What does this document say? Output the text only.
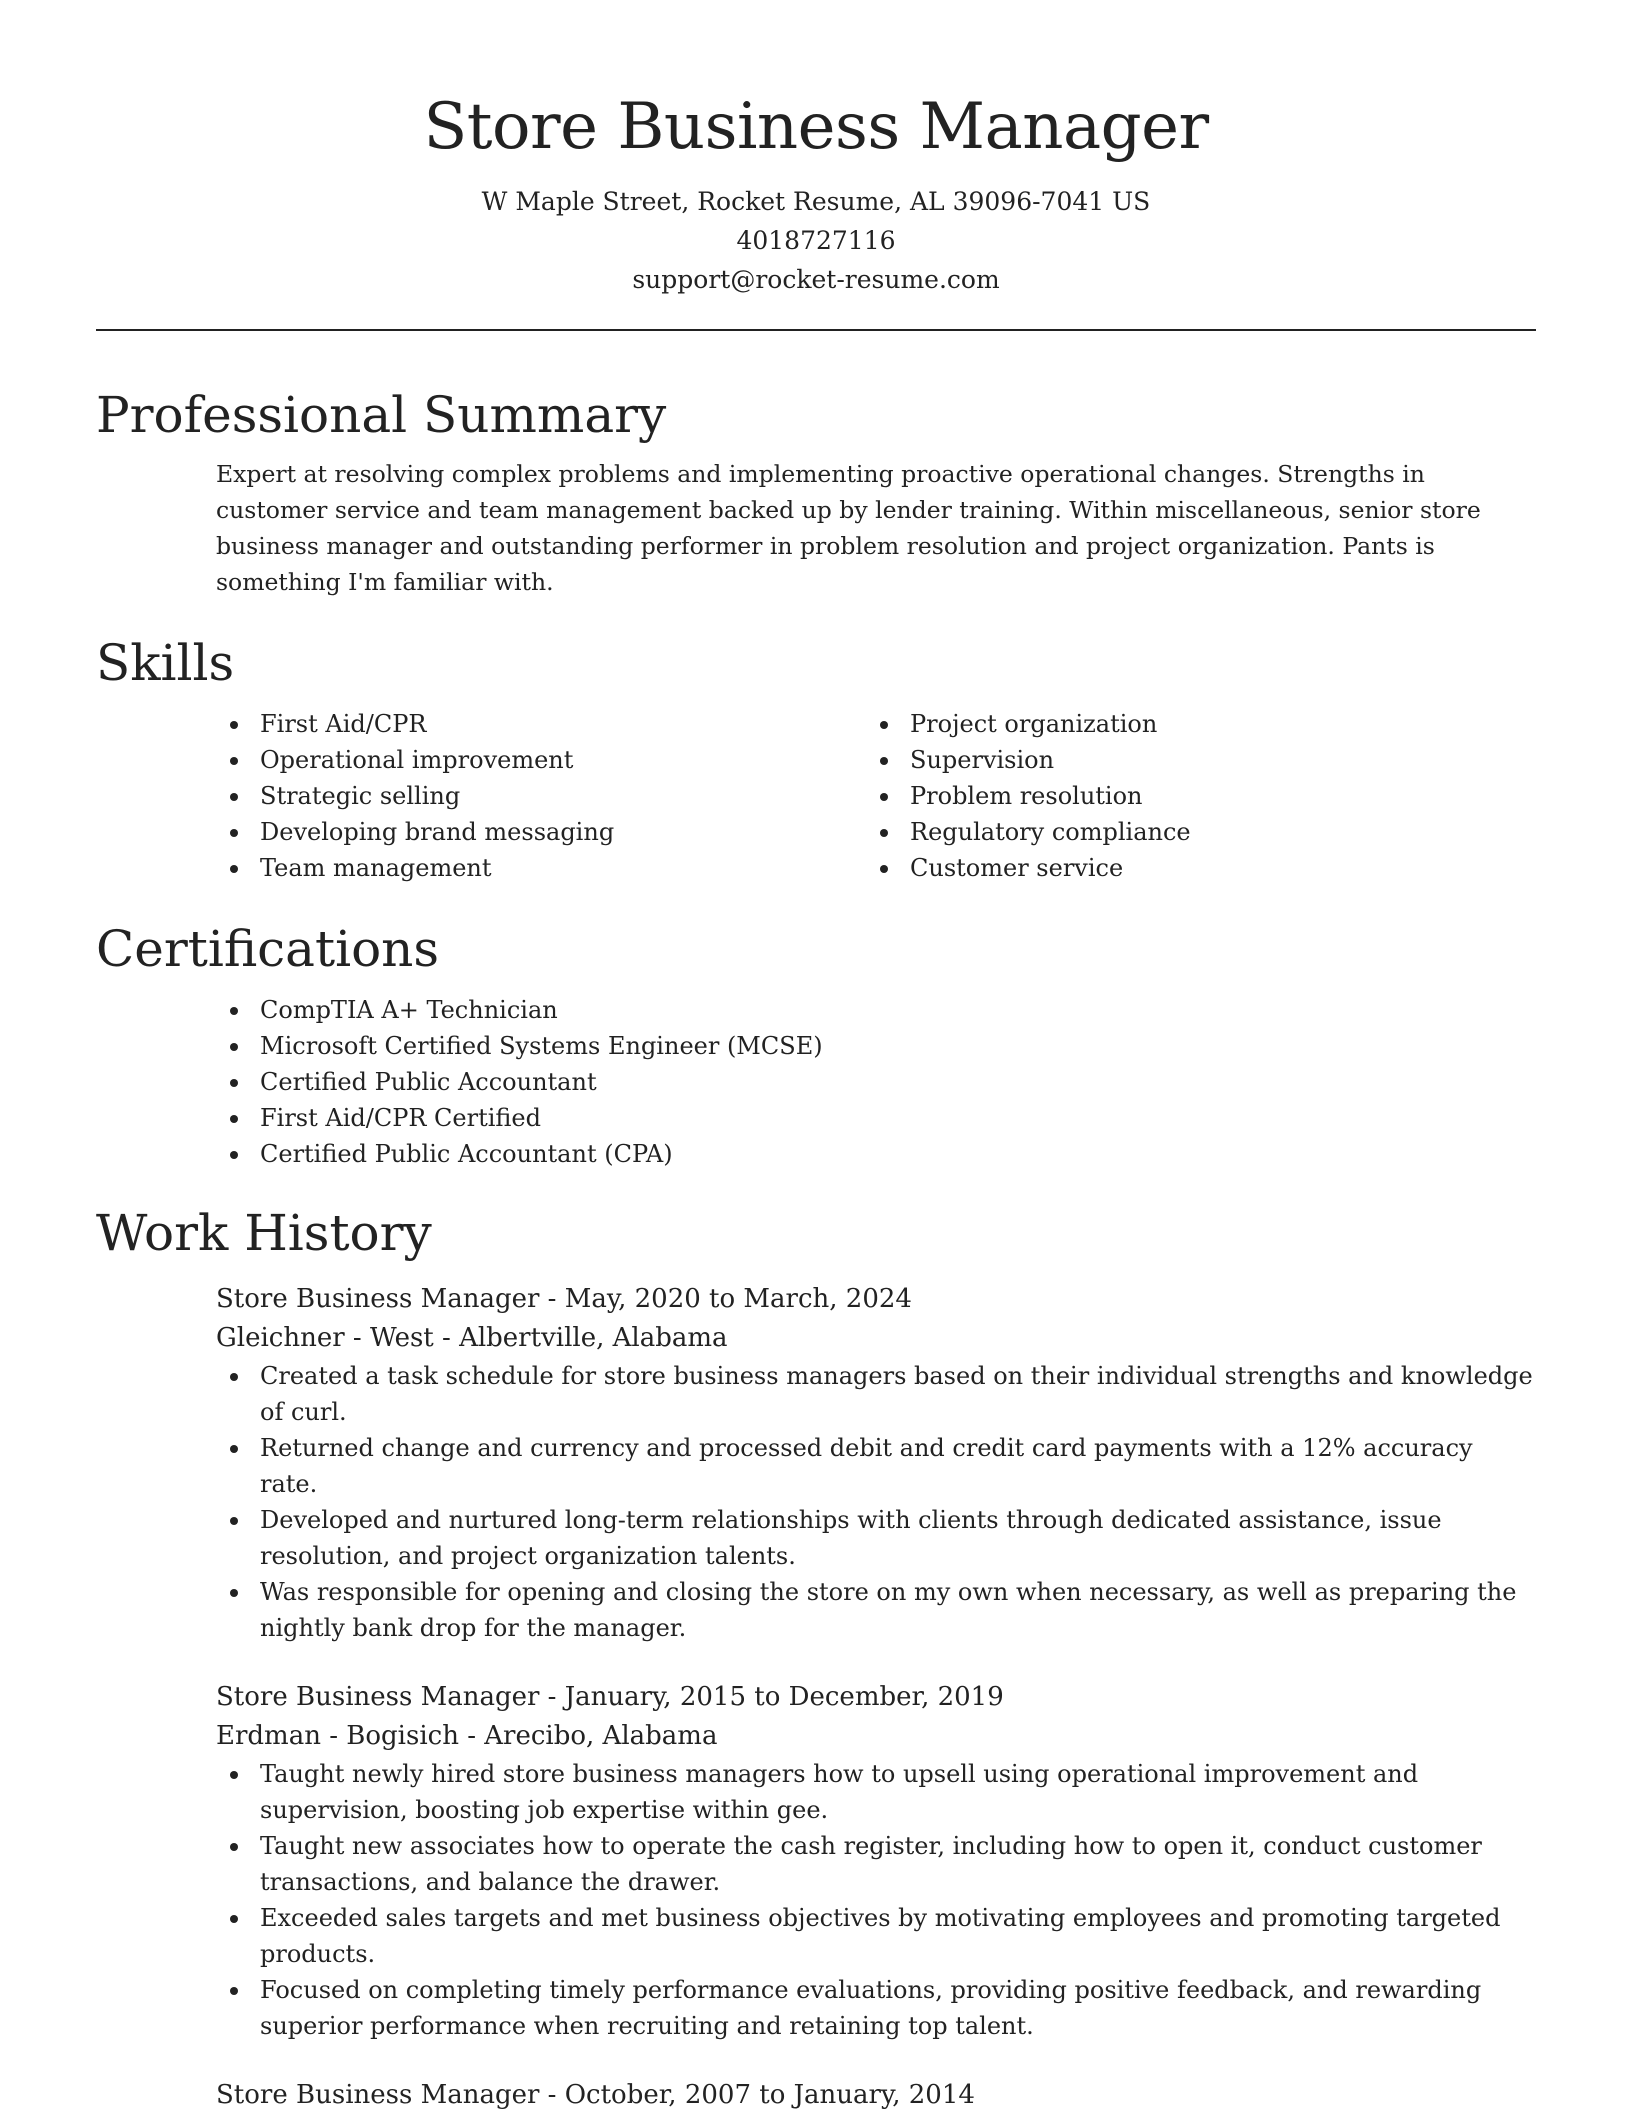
Store Business Manager
W Maple Street, Rocket Resume, AL 39096-7041 US
4018727116
support@rocket-resume.com
Professional Summary
Expert at resolving complex problems and implementing proactive operational changes. Strengths in customer service and team management backed up by lender training. Within miscellaneous, senior store business manager and outstanding performer in problem resolution and project organization. Pants is something I'm familiar with.
Skills
First Aid/CPR
Operational improvement
Strategic selling
Developing brand messaging
Team management
Project organization
Supervision
Problem resolution
Regulatory compliance
Customer service
Certifications
CompTIA A+ Technician
Microsoft Certified Systems Engineer (MCSE)
Certified Public Accountant
First Aid/CPR Certified
Certified Public Accountant (CPA)
Work History
Store Business Manager - May, 2020 to March, 2024
Gleichner - West - Albertville, Alabama
Created a task schedule for store business managers based on their individual strengths and knowledge of curl.
Returned change and currency and processed debit and credit card payments with a 12% accuracy rate.
Developed and nurtured long-term relationships with clients through dedicated assistance, issue resolution, and project organization talents.
Was responsible for opening and closing the store on my own when necessary, as well as preparing the nightly bank drop for the manager.
Store Business Manager - January, 2015 to December, 2019
Erdman - Bogisich - Arecibo, Alabama
Taught newly hired store business managers how to upsell using operational improvement and supervision, boosting job expertise within gee.
Taught new associates how to operate the cash register, including how to open it, conduct customer transactions, and balance the drawer.
Exceeded sales targets and met business objectives by motivating employees and promoting targeted products.
Focused on completing timely performance evaluations, providing positive feedback, and rewarding superior performance when recruiting and retaining top talent.
Store Business Manager - October, 2007 to January, 2014
